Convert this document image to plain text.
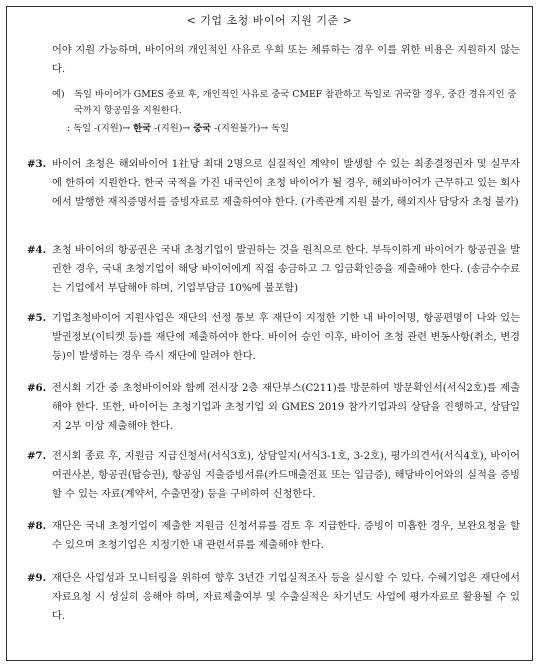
< 기업 초청 바이어 지원 기준 >
어야 지원 가능하며, 바이어의 개인적인 사유로 우회 또는 체류하는 경우 이를 위한 비용은 지원하지 않는다.
예) 독일 바이어가 GMES 종료 후, 개인적인 사유로 중국 CMEF 참관하고 독일로 귀국할 경우, 중간 경유지인 중국까지 항공임을 지원한다.
: 독일 -(지원)→ 한국 -(지원)→ 중국 -(지원불가)→ 독일
#3. 바이어 초청은 해외바이어 1社당 최대 2명으로 실질적인 계약이 발생할 수 있는 최종결정권자 및 실무자에 한하여 지원한다. 한국 국적을 가진 내국인이 초청 바이어가 될 경우, 해외바이어가 근무하고 있는 회사에서 발행한 재직증명서를 증빙자료로 제출하여야 한다. (가족관계 지원 불가, 해외지사 담당자 초청 불가)
#4. 초청 바이어의 항공권은 국내 초청기업이 발권하는 것을 원칙으로 한다. 부득이하게 바이어가 항공권을 발권한 경우, 국내 초청기업이 해당 바이어에게 직접 송금하고 그 입금확인증을 제출해야 한다. (송금수수료는 기업에서 부담해야 하며, 기업부담금 10%에 불포함)
#5. 기업초청바이어 지원사업은 재단의 선정 통보 후 재단이 지정한 기한 내 바이어명, 항공편명이 나와 있는 발권정보(이티켓 등)를 재단에 제출하여야 한다. 바이어 승인 이후, 바이어 초청 관련 변동사항(취소, 변경 등)이 발생하는 경우 즉시 재단에 알려야 한다.
#6. 전시회 기간 중 초청바이어와 함께 전시장 2층 재단부스(C211)를 방문하여 방문확인서(서식2호)를 제출해야 한다. 또한, 바이어는 초청기업과 초청기업 외 GMES 2019 참가기업과의 상담을 진행하고, 상담일지 2부 이상 제출해야 한다.
#7. 전시회 종료 후, 지원금 지급신청서(서식3호), 상담일지(서식3-1호, 3-2호), 평가의견서(서식4호), 바이어 여권사본, 항공권(탑승권), 항공임 지출증빙서류(카드매출전표 또는 입금증), 해당바이어와의 실적을 증빙할 수 있는 자료(계약서, 수출면장) 등을 구비하여 신청한다.
#8. 재단은 국내 초청기업이 제출한 지원금 신청서류를 검토 후 지급한다. 증빙이 미흡한 경우, 보완요청을 할 수 있으며 초청기업은 지정기한 내 관련서류를 제출해야 한다.
#9. 재단은 사업성과 모니터링을 위하여 향후 3년간 기업실적조사 등을 실시할 수 있다. 수혜기업은 재단에서 자료요청 시 성실히 응해야 하며, 자료제출여부 및 수출실적은 차기년도 사업에 평가자료로 활용될 수 있다.
